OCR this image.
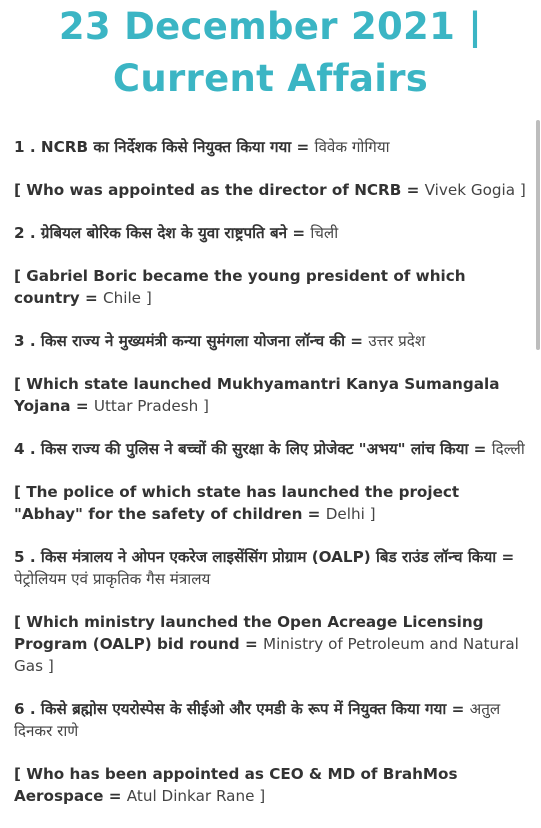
23 December 2021 |
Current Affairs

1 . NCRB का निर्देशक किसे नियुक्त किया गया = विवेक गोगिया

[ Who was appointed as the director of NCRB = Vivek Gogia ]

2 . ग्रेबियल बोरिक किस देश के युवा राष्ट्रपति बने = चिली

[ Gabriel Boric became the young president of which country = Chile ]

3 . किस राज्य ने मुख्यमंत्री कन्या सुमंगला योजना लॉन्च की = उत्तर प्रदेश

[ Which state launched Mukhyamantri Kanya Sumangala Yojana = Uttar Pradesh ]

4 . किस राज्य की पुलिस ने बच्चों की सुरक्षा के लिए प्रोजेक्ट "अभय" लांच किया = दिल्ली

[ The police of which state has launched the project "Abhay" for the safety of children = Delhi ]

5 . किस मंत्रालय ने ओपन एकरेज लाइसेंसिंग प्रोग्राम (OALP) बिड राउंड लॉन्च किया = पेट्रोलियम एवं प्राकृतिक गैस मंत्रालय

[ Which ministry launched the Open Acreage Licensing Program (OALP) bid round = Ministry of Petroleum and Natural Gas ]

6 . किसे ब्रह्मोस एयरोस्पेस के सीईओ और एमडी के रूप में नियुक्त किया गया = अतुल दिनकर राणे

[ Who has been appointed as CEO & MD of BrahMos Aerospace = Atul Dinkar Rane ]
